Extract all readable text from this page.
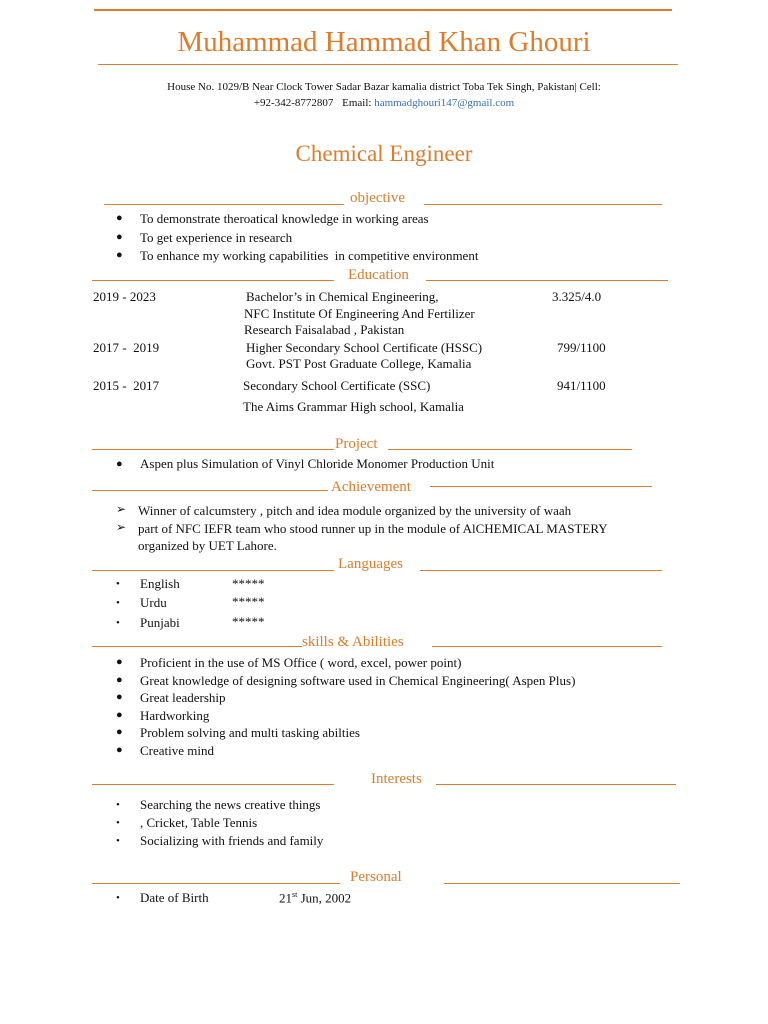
Muhammad Hammad Khan Ghouri
House No. 1029/B Near Clock Tower Sadar Bazar kamalia district Toba Tek Singh, Pakistan| Cell:
+92-342-8772807 Email: hammadghouri147@gmail.com
Chemical Engineer
objective
● To demonstrate theroatical knowledge in working areas
● To get experience in research
● To enhance my working capabilities  in competitive environment
Education
2019 - 2023	Bachelor’s in Chemical Engineering,	3.325/4.0
NFC Institute Of Engineering And Fertilizer
Research Faisalabad , Pakistan
2017 -  2019	Higher Secondary School Certificate (HSSC)	799/1100
Govt. PST Post Graduate College, Kamalia
2015 -  2017	Secondary School Certificate (SSC)	941/1100
The Aims Grammar High school, Kamalia
Project
● Aspen plus Simulation of Vinyl Chloride Monomer Production Unit
Achievement
➢ Winner of calcumstery , pitch and idea module organized by the university of waah
➢ part of NFC IEFR team who stood runner up in the module of AlCHEMICAL MASTERY
organized by UET Lahore.
Languages
• English	*****
• Urdu	*****
• Punjabi	*****
skills & Abilities
● Proficient in the use of MS Office ( word, excel, power point)
● Great knowledge of designing software used in Chemical Engineering( Aspen Plus)
● Great leadership
● Hardworking
● Problem solving and multi tasking abilties
● Creative mind
Interests
• Searching the news creative things
• , Cricket, Table Tennis
• Socializing with friends and family
Personal
• Date of Birth	21st Jun, 2002
